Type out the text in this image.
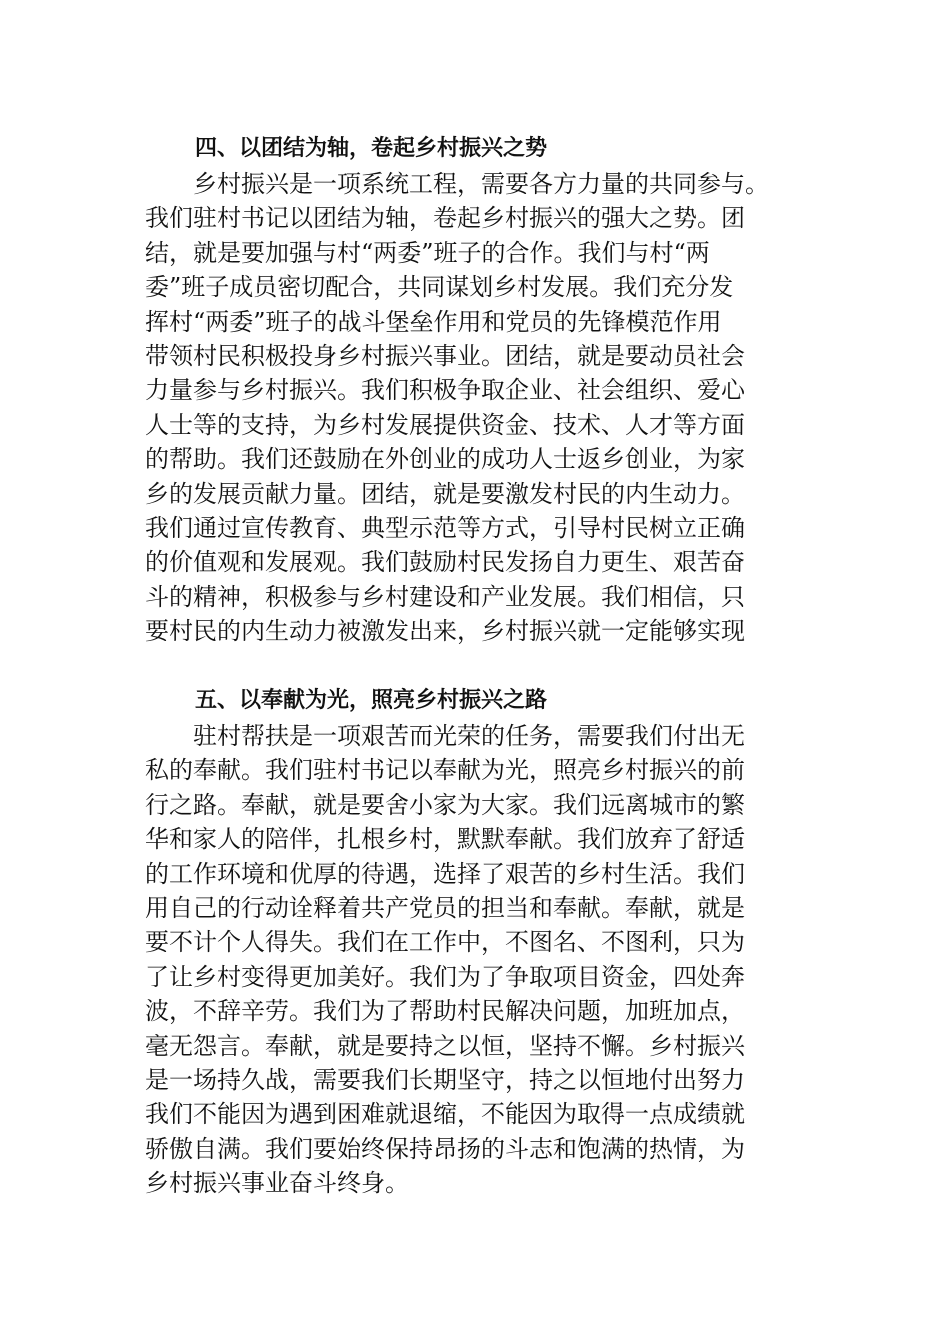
四、以团结为轴，卷起乡村振兴之势
乡村振兴是一项系统工程，需要各方力量的共同参与。
我们驻村书记以团结为轴，卷起乡村振兴的强大之势。团
结，就是要加强与村“两委”班子的合作。我们与村“两
委”班子成员密切配合，共同谋划乡村发展。我们充分发
挥村“两委”班子的战斗堡垒作用和党员的先锋模范作用
带领村民积极投身乡村振兴事业。团结，就是要动员社会
力量参与乡村振兴。我们积极争取企业、社会组织、爱心
人士等的支持，为乡村发展提供资金、技术、人才等方面
的帮助。我们还鼓励在外创业的成功人士返乡创业，为家
乡的发展贡献力量。团结，就是要激发村民的内生动力。
我们通过宣传教育、典型示范等方式，引导村民树立正确
的价值观和发展观。我们鼓励村民发扬自力更生、艰苦奋
斗的精神，积极参与乡村建设和产业发展。我们相信，只
要村民的内生动力被激发出来，乡村振兴就一定能够实现
五、以奉献为光，照亮乡村振兴之路
驻村帮扶是一项艰苦而光荣的任务，需要我们付出无
私的奉献。我们驻村书记以奉献为光，照亮乡村振兴的前
行之路。奉献，就是要舍小家为大家。我们远离城市的繁
华和家人的陪伴，扎根乡村，默默奉献。我们放弃了舒适
的工作环境和优厚的待遇，选择了艰苦的乡村生活。我们
用自己的行动诠释着共产党员的担当和奉献。奉献，就是
要不计个人得失。我们在工作中，不图名、不图利，只为
了让乡村变得更加美好。我们为了争取项目资金，四处奔
波，不辞辛劳。我们为了帮助村民解决问题，加班加点，
毫无怨言。奉献，就是要持之以恒，坚持不懈。乡村振兴
是一场持久战，需要我们长期坚守，持之以恒地付出努力
我们不能因为遇到困难就退缩，不能因为取得一点成绩就
骄傲自满。我们要始终保持昂扬的斗志和饱满的热情，为
乡村振兴事业奋斗终身。
